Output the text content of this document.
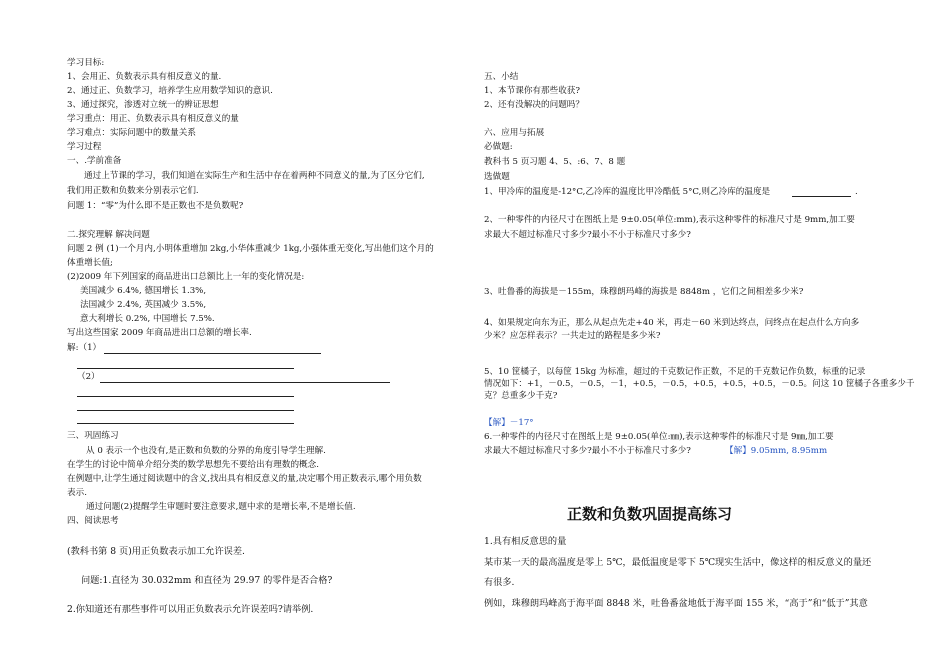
学习目标:
1、会用正、负数表示具有相反意义的量.
2、通过正、负数学习，培养学生应用数学知识的意识.
3、通过探究，渗透对立统一的辨证思想
学习重点：用正、负数表示具有相反意义的量
学习难点：实际问题中的数量关系
学习过程
一、.学前准备
通过上节课的学习，我们知道在实际生产和生活中存在着两种不同意义的量,为了区分它们,
我们用正数和负数来分别表示它们.
问题 1：“零”为什么即不是正数也不是负数呢?
二.探究理解 解决问题
问题 2 例 (1)一个月内,小明体重增加 2kg,小华体重减少 1kg,小强体重无变化,写出他们这个月的
体重增长值;
(2)2009 年下列国家的商品进出口总额比上一年的变化情况是:
美国减少 6.4%, 德国增长 1.3%,
法国减少 2.4%, 英国减少 3.5%,
意大利增长 0.2%, 中国增长 7.5%.
写出这些国家 2009 年商品进出口总额的增长率.
解:（1）
（2）
三、巩固练习
从 0 表示一个也没有,是正数和负数的分界的角度引导学生理解.
在学生的讨论中简单介绍分类的数学思想先不要给出有理数的概念.
在例题中,让学生通过阅读题中的含义,找出具有相反意义的量,决定哪个用正数表示,哪个用负数
表示.
通过问题(2)提醒学生审题时要注意要求,题中求的是增长率,不是增长值.
四、阅读思考
(教科书第 8 页)用正负数表示加工允许误差.
问题:1.直径为 30.032mm 和直径为 29.97 的零件是否合格?
2.你知道还有那些事件可以用正负数表示允许误差吗?请举例.
五、小结
1、本节课你有那些收获?
2、还有没解决的问题吗？
六、应用与拓展
必做题:
教科书 5 页习题 4、5、:6、7、8 题
选做题
1、甲冷库的温度是-12°C,乙冷库的温度比甲冷酷低 5°C,则乙冷库的温度是	.
2、一种零件的内径尺寸在图纸上是 9±0.05(单位:mm),表示这种零件的标准尺寸是 9mm,加工要
求最大不超过标准尺寸多少?最小不小于标准尺寸多少?
3、吐鲁番的海拔是－155m，珠穆朗玛峰的海拔是 8848m ，它们之间相差多少米?
4、如果规定向东为正，那么从起点先走+40 米，再走－60 米到达终点，问终点在起点什么方向多
少米？应怎样表示？一共走过的路程是多少米?
5、10 筐橘子，以每筐 15kg 为标准，超过的千克数记作正数，不足的千克数记作负数，标重的记录
情况如下：+1，－0.5，－0.5，－1，+0.5，－0.5，+0.5，+0.5，+0.5，－0.5。问这 10 筐橘子各重多少千
克？总重多少千克?
【解】－17°
6.一种零件的内径尺寸在图纸上是 9±0.05(单位:㎜),表示这种零件的标准尺寸是 9㎜,加工要
求最大不超过标准尺寸多少?最小不小于标准尺寸多少?	【解】9.05mm, 8.95mm
正数和负数巩固提高练习
1.具有相反意思的量
某市某一天的最高温度是零上 5℃，最低温度是零下 5℃现实生活中，像这样的相反意义的量还
有很多.
例如，珠穆朗玛峰高于海平面 8848 米，吐鲁番盆地低于海平面 155 米，“高于”和“低于”其意
